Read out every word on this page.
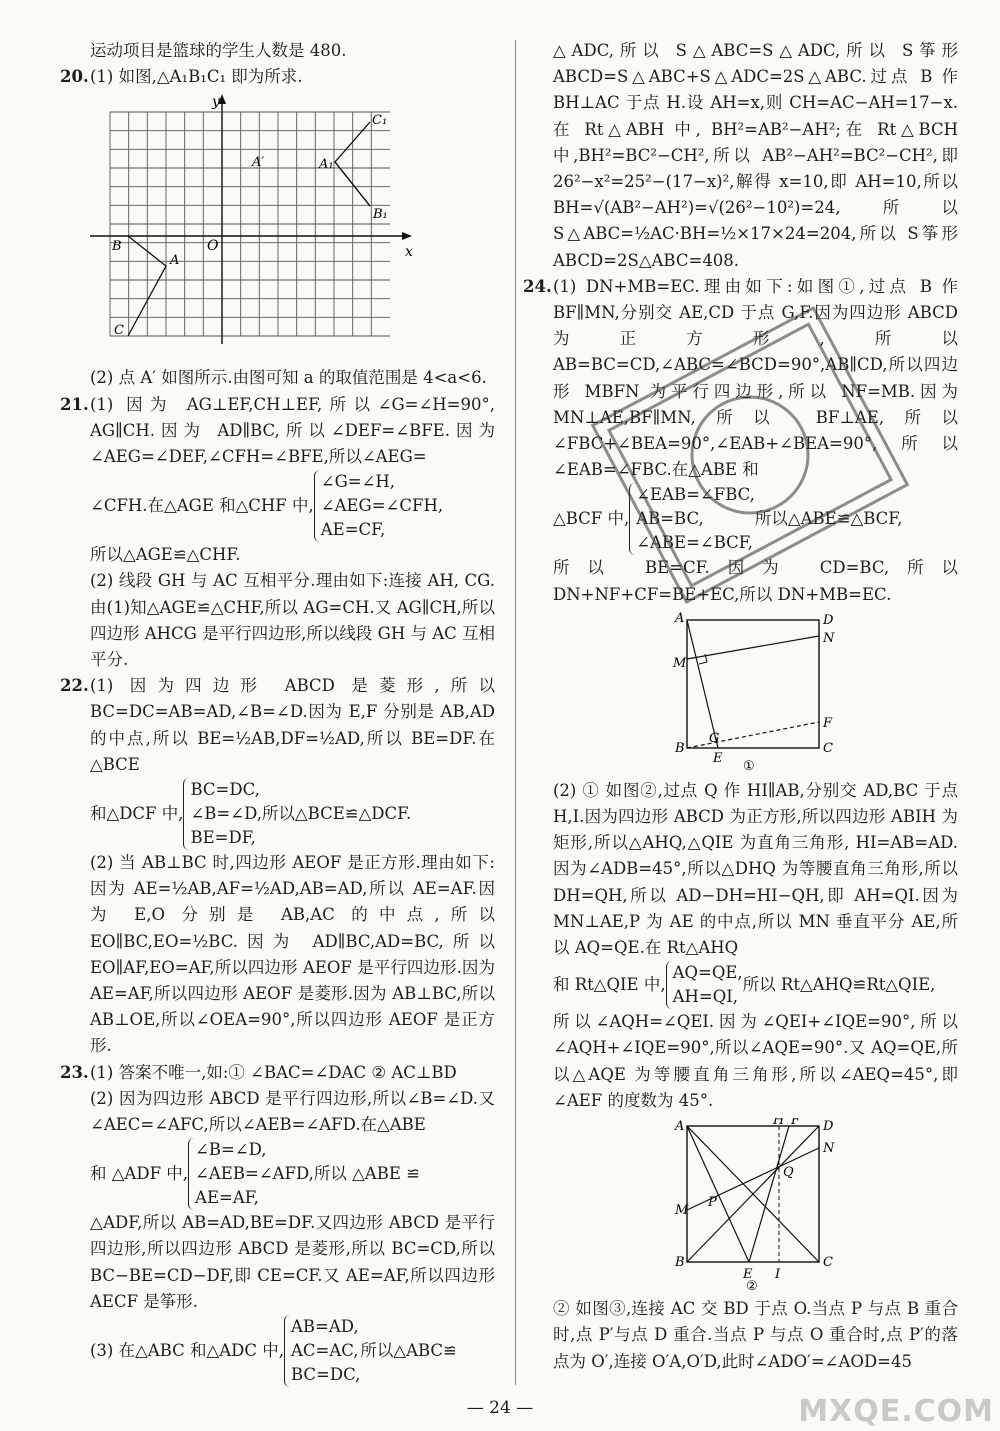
运动项目是篮球的学生人数是 480.

20.(1) 如图,△A₁B₁C₁ 即为所求.

y
x
O
A
B
C
A₁
B₁
C₁
A′

(2) 点 A′ 如图所示.由图可知 a 的取值范围是 4<a<6.

21.(1) 因为 AG⊥EF,CH⊥EF,所以∠G=∠H=90°, AG∥CH.因为 AD∥BC,所以∠DEF=∠BFE.因为∠AEG=∠DEF,∠CFH=∠BFE,所以∠AEG=

∠CFH.在△AGE 和△CHF 中,
∠G=∠H,
∠AEG=∠CFH,
AE=CF,

所以△AGE≌△CHF.

(2) 线段 GH 与 AC 互相平分.理由如下:连接 AH, CG.由(1)知△AGE≌△CHF,所以 AG=CH.又 AG∥CH,所以四边形 AHCG 是平行四边形,所以线段 GH 与 AC 互相平分.

22.(1) 因为四边形 ABCD 是菱形,所以 BC=DC=AB=AD,∠B=∠D.因为 E,F 分别是 AB,AD 的中点,所以 BE=½AB,DF=½AD,所以 BE=DF.在△BCE

和△DCF 中,
BC=DC,
∠B=∠D,
BE=DF,
所以△BCE≌△DCF.

(2) 当 AB⊥BC 时,四边形 AEOF 是正方形.理由如下:因为 AE=½AB,AF=½AD,AB=AD,所以 AE=AF.因为 E,O 分别是 AB,AC 的中点,所以 EO∥BC,EO=½BC.因为 AD∥BC,AD=BC,所以 EO∥AF,EO=AF,所以四边形 AEOF 是平行四边形.因为 AE=AF,所以四边形 AEOF 是菱形.因为 AB⊥BC,所以 AB⊥OE,所以∠OEA=90°,所以四边形 AEOF 是正方形.

23.(1) 答案不唯一,如:① ∠BAC=∠DAC ② AC⊥BD

(2) 因为四边形 ABCD 是平行四边形,所以∠B=∠D.又∠AEC=∠AFC,所以∠AEB=∠AFD.在△ABE

和 △ADF 中,
∠B=∠D,
∠AEB=∠AFD,
AE=AF,
所以 △ABE ≌

△ADF,所以 AB=AD,BE=DF.又四边形 ABCD 是平行四边形,所以四边形 ABCD 是菱形,所以 BC=CD,所以 BC−BE=CD−DF,即 CE=CF.又 AE=AF,所以四边形 AECF 是筝形.

(3) 在△ABC 和△ADC 中,
AB=AD,
AC=AC,
BC=DC,
所以△ABC≌

△ADC,所以 S△ABC=S△ADC,所以 S筝形ABCD=S△ABC+S△ADC=2S△ABC.过点 B 作 BH⊥AC 于点 H.设 AH=x,则 CH=AC−AH=17−x.在 Rt△ABH 中, BH²=AB²−AH²;在 Rt△BCH 中,BH²=BC²−CH²,所以 AB²−AH²=BC²−CH²,即 26²−x²=25²−(17−x)²,解得 x=10,即 AH=10,所以 BH=√(AB²−AH²)=√(26²−10²)=24,所以 S△ABC=½AC·BH=½×17×24=204,所以 S筝形ABCD=2S△ABC=408.

24.(1) DN+MB=EC.理由如下:如图①,过点 B 作 BF∥MN,分别交 AE,CD 于点 G,F.因为四边形 ABCD 为正方形,所以 AB=BC=CD,∠ABC=∠BCD=90°,AB∥CD,所以四边形 MBFN 为平行四边形,所以 NF=MB.因为 MN⊥AE,BF∥MN,所以 BF⊥AE,所以∠FBC+∠BEA=90°,∠EAB+∠BEA=90°,所以∠EAB=∠FBC.在△ABE 和

△BCF 中,
∠EAB=∠FBC,
AB=BC,
∠ABE=∠BCF,
所以△ABE≌△BCF,

所以 BE=CF.因为 CD=BC,所以 DN+NF+CF=BE+EC,所以 DN+MB=EC.

A	D
N
M
F
B
G
E
C
①

(2) ① 如图②,过点 Q 作 HI∥AB,分别交 AD,BC 于点 H,I.因为四边形 ABCD 为正方形,所以四边形 ABIH 为矩形,所以△AHQ,△QIE 为直角三角形, HI=AB=AD.因为∠ADB=45°,所以△DHQ 为等腰直角三角形,所以 DH=QH,所以 AD−DH=HI−QH,即 AH=QI.因为 MN⊥AE,P 为 AE 的中点,所以 MN 垂直平分 AE,所以 AQ=QE.在 Rt△AHQ

和 Rt△QIE 中,
AQ=QE,
AH=QI,
所以 Rt△AHQ≌Rt△QIE,

所以∠AQH=∠QEI.因为∠QEI+∠IQE=90°,所以∠AQH+∠IQE=90°,所以∠AQE=90°.又 AQ=QE,所以△AQE 为等腰直角三角形,所以∠AEQ=45°,即∠AEF 的度数为 45°.

A	H F D
N
Q
M
P
B
E I
C
②

② 如图③,连接 AC 交 BD 于点 O.当点 P 与点 B 重合时,点 P′与点 D 重合.当点 P 与点 O 重合时,点 P′的落点为 O′,连接 O′A,O′D,此时∠ADO′=∠AOD=45

— 24 —	MXQE.COM
